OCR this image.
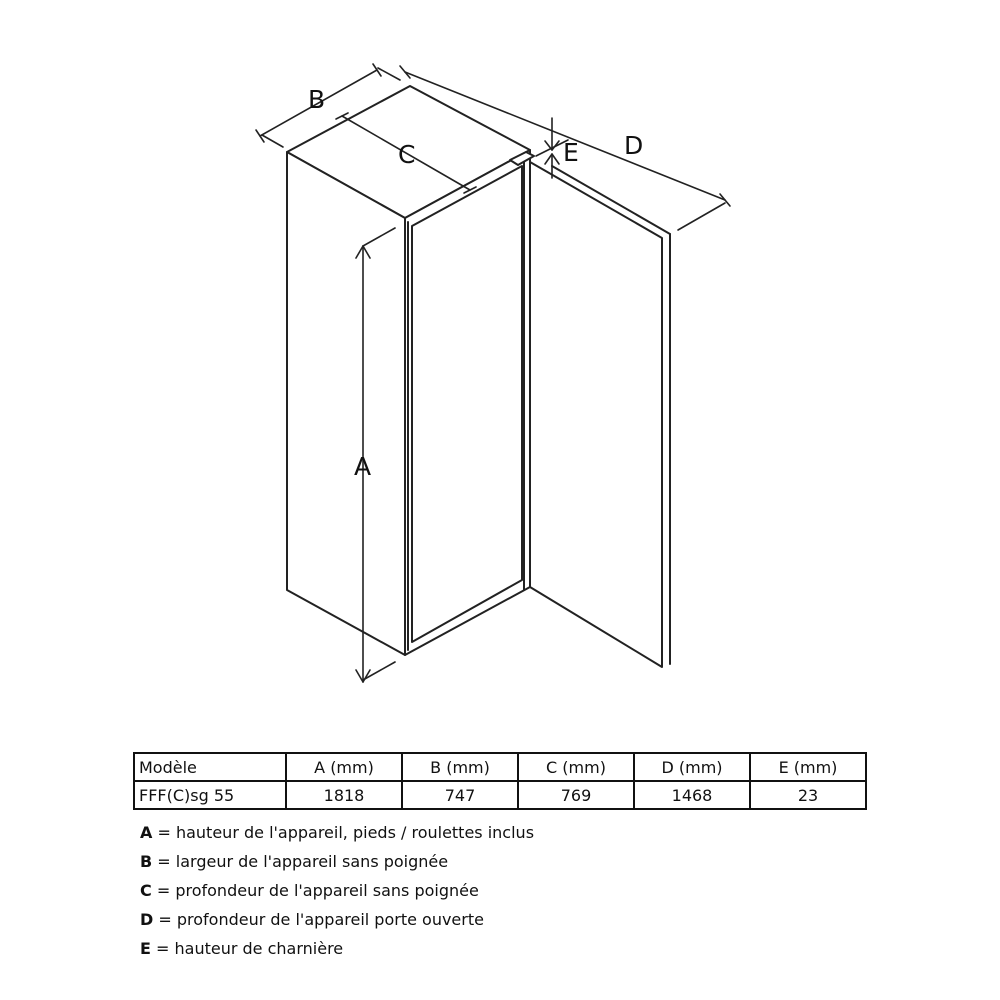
A
B
C	D
E
Modèle	A (mm)	B (mm)	C (mm)	D (mm)	E (mm)
FFF(C)sg 55	1818	747	769	1468	23
A = hauteur de l'appareil, pieds / roulettes inclus
B = largeur de l'appareil sans poignée
C = profondeur de l'appareil sans poignée
D = profondeur de l'appareil porte ouverte
E = hauteur de charnière
